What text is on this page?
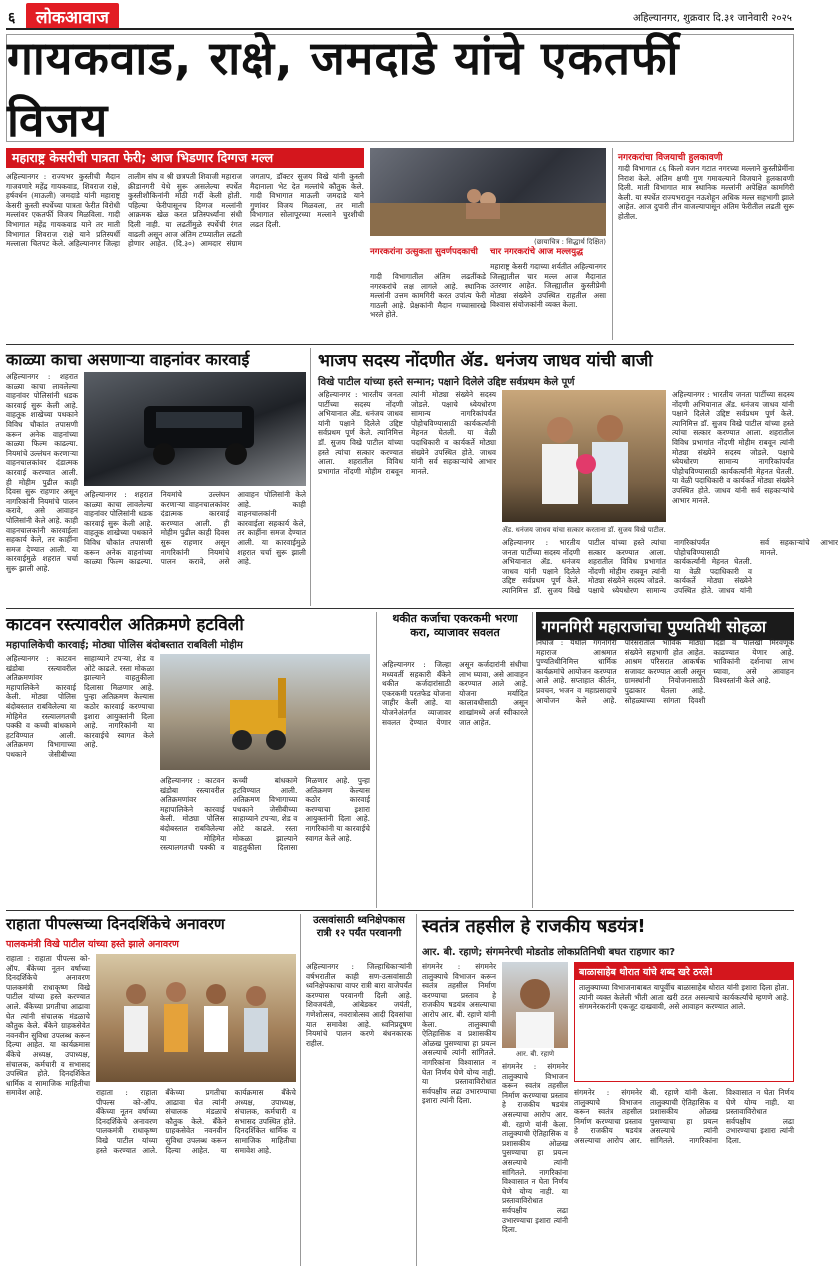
६	लोकआवाज	अहिल्यानगर, शुक्रवार दि.३१ जानेवारी २०२५
गायकवाड, राक्षे, जमदाडे यांचे एकतर्फी विजय
महाराष्ट्र केसरीची पात्रता फेरी; आज भिडणार दिग्गज मल्ल
अहिल्यानगर : राज्यभर कुस्तीची मैदान गाजवणारे महेंद्र गायकवाड, शिवराज राक्षे, हर्षवर्धन (माऊली) जमदाडे यांनी महाराष्ट्र केसरी कुस्ती स्पर्धेच्या पात्रता फेरीत विरोधी मल्लांवर एकतर्फी विजय मिळविला. गादी विभागात महेंद्र गायकवाड याने तर माती विभागात शिवराज राक्षे याने प्रतिस्पर्धी मल्लाला चितपट केले. अहिल्यानगर जिल्हा तालीम संघ व श्री छत्रपती शिवाजी महाराज क्रीडानगरी येथे सुरू असलेल्या स्पर्धेत कुस्तीशौकिनांनी मोठी गर्दी केली होती. पहिल्या फेरीपासूनच दिग्गज मल्लांनी आक्रमक खेळ करत प्रतिस्पर्ध्यांना संधी दिली नाही. या लढतींमुळे स्पर्धेची रंगत वाढली असून आज अंतिम टप्प्यातील लढती होणार आहेत. (दि.३०) आमदार संग्राम जगताप, डॉक्टर सुजय विखे यांनी कुस्ती मैदानाला भेट देत मल्लांचे कौतुक केले. गादी विभागात माऊली जमदाडे याने गुणांवर विजय मिळवला, तर माती विभागात सोलापूरच्या मल्लाने चुरशीची लढत दिली.
(छायाचित्र : सिद्धार्थ दिक्षित)
नगरकरांना उत्सुकता सुवर्णपदकाची
गादी विभागातील अंतिम लढतींकडे नगरकरांचे लक्ष लागले आहे. स्थानिक मल्लांनी उत्तम कामगिरी करत उपांत्य फेरी गाठली आहे. प्रेक्षकांनी मैदान गच्चासारखे भरले होते.
चार नगरकरांचे आज मल्लयुद्ध
महाराष्ट्र केसरी गदाच्या शर्यतीत अहिल्यानगर जिल्ह्यातील चार मल्ल आज मैदानात उतरणार आहेत. जिल्ह्यातील कुस्तीप्रेमी मोठ्या संख्येने उपस्थित राहतील असा विश्वास संयोजकांनी व्यक्त केला.
नगरकरांचा विजयाची हुलकावणी
गादी विभागात ८६ किलो वजन गटात नगरच्या मल्लाने कुस्तीप्रेमींना निराश केले. अंतिम क्षणी गुण गमावल्याने विजयाने हुलकावणी दिली. माती विभागात मात्र स्थानिक मल्लांनी अपेक्षित कामगिरी केली. या स्पर्धेत राज्यभरातून नऊशेहून अधिक मल्ल सहभागी झाले आहेत. आज दुपारी तीन वाजल्यापासून अंतिम फेरीतील लढती सुरू होतील.
काळ्या काचा असणाऱ्या वाहनांवर कारवाई
अहिल्यानगर : शहरात काळ्या काचा लावलेल्या वाहनांवर पोलिसांनी धडक कारवाई सुरू केली आहे. वाहतूक शाखेच्या पथकाने विविध चौकांत तपासणी करून अनेक वाहनांच्या काळ्या फिल्म काढल्या. नियमांचे उल्लंघन करणाऱ्या वाहनचालकांवर दंडात्मक कारवाई करण्यात आली. ही मोहीम पुढील काही दिवस सुरू राहणार असून नागरिकांनी नियमांचे पालन करावे, असे आवाहन पोलिसांनी केले आहे. काही वाहनचालकांनी कारवाईला सहकार्य केले, तर काहींना समज देण्यात आली. या कारवाईमुळे शहरात चर्चा सुरू झाली आहे.
अहिल्यानगर : शहरात काळ्या काचा लावलेल्या वाहनांवर पोलिसांनी धडक कारवाई सुरू केली आहे. वाहतूक शाखेच्या पथकाने विविध चौकांत तपासणी करून अनेक वाहनांच्या काळ्या फिल्म काढल्या. नियमांचे उल्लंघन करणाऱ्या वाहनचालकांवर दंडात्मक कारवाई करण्यात आली. ही मोहीम पुढील काही दिवस सुरू राहणार असून नागरिकांनी नियमांचे पालन करावे, असे आवाहन पोलिसांनी केले आहे. काही वाहनचालकांनी कारवाईला सहकार्य केले, तर काहींना समज देण्यात आली. या कारवाईमुळे शहरात चर्चा सुरू झाली आहे.
भाजप सदस्य नोंदणीत ॲड. धनंजय जाधव यांची बाजी
विखे पाटील यांच्या हस्ते सन्मान; पक्षाने दिलेले उद्दिष्ट सर्वप्रथम केले पूर्ण
अहिल्यानगर : भारतीय जनता पार्टीच्या सदस्य नोंदणी अभियानात ॲड. धनंजय जाधव यांनी पक्षाने दिलेले उद्दिष्ट सर्वप्रथम पूर्ण केले. त्यानिमित्त डॉ. सुजय विखे पाटील यांच्या हस्ते त्यांचा सत्कार करण्यात आला. शहरातील विविध प्रभागांत नोंदणी मोहीम राबवून त्यांनी मोठ्या संख्येने सदस्य जोडले. पक्षाचे ध्येयधोरण सामान्य नागरिकांपर्यंत पोहोचविण्यासाठी कार्यकर्त्यांनी मेहनत घेतली. या वेळी पदाधिकारी व कार्यकर्ते मोठ्या संख्येने उपस्थित होते. जाधव यांनी सर्व सहकाऱ्यांचे आभार मानले.
ॲड. धनंजय जाधव यांचा सत्कार करताना डॉ. सुजय विखे पाटील.
अहिल्यानगर : भारतीय जनता पार्टीच्या सदस्य नोंदणी अभियानात ॲड. धनंजय जाधव यांनी पक्षाने दिलेले उद्दिष्ट सर्वप्रथम पूर्ण केले. त्यानिमित्त डॉ. सुजय विखे पाटील यांच्या हस्ते त्यांचा सत्कार करण्यात आला. शहरातील विविध प्रभागांत नोंदणी मोहीम राबवून त्यांनी मोठ्या संख्येने सदस्य जोडले. पक्षाचे ध्येयधोरण सामान्य नागरिकांपर्यंत पोहोचविण्यासाठी कार्यकर्त्यांनी मेहनत घेतली. या वेळी पदाधिकारी व कार्यकर्ते मोठ्या संख्येने उपस्थित होते. जाधव यांनी सर्व सहकाऱ्यांचे आभार मानले.
अहिल्यानगर : भारतीय जनता पार्टीच्या सदस्य नोंदणी अभियानात ॲड. धनंजय जाधव यांनी पक्षाने दिलेले उद्दिष्ट सर्वप्रथम पूर्ण केले. त्यानिमित्त डॉ. सुजय विखे पाटील यांच्या हस्ते त्यांचा सत्कार करण्यात आला. शहरातील विविध प्रभागांत नोंदणी मोहीम राबवून त्यांनी मोठ्या संख्येने सदस्य जोडले. पक्षाचे ध्येयधोरण सामान्य नागरिकांपर्यंत पोहोचविण्यासाठी कार्यकर्त्यांनी मेहनत घेतली. या वेळी पदाधिकारी व कार्यकर्ते मोठ्या संख्येने उपस्थित होते. जाधव यांनी सर्व सहकाऱ्यांचे आभार मानले.
काटवन रस्त्यावरील अतिक्रमणे हटविली
महापालिकेची कारवाई; मोठ्या पोलिस बंदोबस्तात राबविली मोहीम
अहिल्यानगर : काटवन खंडोबा रस्त्यावरील अतिक्रमणांवर महापालिकेने कारवाई केली. मोठ्या पोलिस बंदोबस्तात राबविलेल्या या मोहिमेत रस्त्यालगतची पक्की व कच्ची बांधकामे हटविण्यात आली. अतिक्रमण विभागाच्या पथकाने जेसीबीच्या साहाय्याने टपऱ्या, शेड व ओटे काढले. रस्ता मोकळा झाल्याने वाहतुकीला दिलासा मिळणार आहे. पुन्हा अतिक्रमण केल्यास कठोर कारवाई करण्याचा इशारा आयुक्तांनी दिला आहे. नागरिकांनी या कारवाईचे स्वागत केले आहे.
अहिल्यानगर : काटवन खंडोबा रस्त्यावरील अतिक्रमणांवर महापालिकेने कारवाई केली. मोठ्या पोलिस बंदोबस्तात राबविलेल्या या मोहिमेत रस्त्यालगतची पक्की व कच्ची बांधकामे हटविण्यात आली. अतिक्रमण विभागाच्या पथकाने जेसीबीच्या साहाय्याने टपऱ्या, शेड व ओटे काढले. रस्ता मोकळा झाल्याने वाहतुकीला दिलासा मिळणार आहे. पुन्हा अतिक्रमण केल्यास कठोर कारवाई करण्याचा इशारा आयुक्तांनी दिला आहे. नागरिकांनी या कारवाईचे स्वागत केले आहे.
थकीत कर्जाचा एकरकमी भरणा करा, व्याजावर सवलत
अहिल्यानगर : जिल्हा मध्यवर्ती सहकारी बँकेने थकीत कर्जदारांसाठी एकरकमी परतफेड योजना जाहीर केली आहे. या योजनेअंतर्गत व्याजावर सवलत देण्यात येणार असून कर्जदारांनी संधीचा लाभ घ्यावा, असे आवाहन करण्यात आले आहे. योजना मर्यादित कालावधीसाठी असून शाखांमध्ये अर्ज स्वीकारले जात आहेत.
गगनगिरी महाराजांचा पुण्यतिथी सोहळा
निघोज : येथील गगनगिरी महाराज आश्रमात पुण्यतिथीनिमित्त धार्मिक कार्यक्रमांचे आयोजन करण्यात आले आहे. सप्ताहात कीर्तन, प्रवचन, भजन व महाप्रसादाचे आयोजन केले आहे. परिसरातील भाविक मोठ्या संख्येने सहभागी होत आहेत. आश्रम परिसरात आकर्षक सजावट करण्यात आली असून ग्रामस्थांनी नियोजनासाठी पुढाकार घेतला आहे. सोहळ्याच्या सांगता दिवशी दिंडी व पालखी मिरवणूक काढण्यात येणार आहे. भाविकांनी दर्शनाचा लाभ घ्यावा, असे आवाहन विश्वस्तांनी केले आहे.
राहाता पीपल्सच्या दिनदर्शिकेचे अनावरण
पालकमंत्री विखे पाटील यांच्या हस्ते झाले अनावरण
राहाता : राहाता पीपल्स को-ऑप. बँकेच्या नूतन वर्षाच्या दिनदर्शिकेचे अनावरण पालकमंत्री राधाकृष्ण विखे पाटील यांच्या हस्ते करण्यात आले. बँकेच्या प्रगतीचा आढावा घेत त्यांनी संचालक मंडळाचे कौतुक केले. बँकेने ग्राहकसेवेत नवनवीन सुविधा उपलब्ध करून दिल्या आहेत. या कार्यक्रमास बँकेचे अध्यक्ष, उपाध्यक्ष, संचालक, कर्मचारी व सभासद उपस्थित होते. दिनदर्शिकेत धार्मिक व सामाजिक माहितीचा समावेश आहे.	राहाता : राहाता पीपल्स को-ऑप. बँकेच्या नूतन वर्षाच्या दिनदर्शिकेचे अनावरण पालकमंत्री राधाकृष्ण विखे पाटील यांच्या हस्ते करण्यात आले. बँकेच्या प्रगतीचा आढावा घेत त्यांनी संचालक मंडळाचे कौतुक केले. बँकेने ग्राहकसेवेत नवनवीन सुविधा उपलब्ध करून दिल्या आहेत. या कार्यक्रमास बँकेचे अध्यक्ष, उपाध्यक्ष, संचालक, कर्मचारी व सभासद उपस्थित होते. दिनदर्शिकेत धार्मिक व सामाजिक माहितीचा समावेश आहे.
उत्सवांसाठी ध्वनिक्षेपकास रात्री १२ पर्यंत परवानगी
अहिल्यानगर : जिल्हाधिकाऱ्यांनी वर्षभरातील काही सण-उत्सवांसाठी ध्वनिक्षेपकाचा वापर रात्री बारा वाजेपर्यंत करण्यास परवानगी दिली आहे. शिवजयंती, आंबेडकर जयंती, गणेशोत्सव, नवरात्रोत्सव आदी दिवसांचा यात समावेश आहे. ध्वनिप्रदूषण नियमांचे पालन करणे बंधनकारक राहील.
स्वतंत्र तहसील हे राजकीय षडयंत्र!
आर. बी. रहाणे; संगमनेरची मोडतोड लोकप्रतिनिधी बघत राहणार का?
संगमनेर : संगमनेर तालुक्याचे विभाजन करून स्वतंत्र तहसील निर्माण करण्याचा प्रस्ताव हे राजकीय षडयंत्र असल्याचा आरोप आर. बी. रहाणे यांनी केला. तालुक्याची ऐतिहासिक व प्रशासकीय ओळख पुसण्याचा हा प्रयत्न असल्याचे त्यांनी सांगितले. नागरिकांना विश्वासात न घेता निर्णय घेणे योग्य नाही. या प्रस्तावाविरोधात सर्वपक्षीय लढा उभारण्याचा इशारा त्यांनी दिला.
आर. बी. रहाणे
संगमनेर : संगमनेर तालुक्याचे विभाजन करून स्वतंत्र तहसील निर्माण करण्याचा प्रस्ताव हे राजकीय षडयंत्र असल्याचा आरोप आर. बी. रहाणे यांनी केला. तालुक्याची ऐतिहासिक व प्रशासकीय ओळख पुसण्याचा हा प्रयत्न असल्याचे त्यांनी सांगितले. नागरिकांना विश्वासात न घेता निर्णय घेणे योग्य नाही. या प्रस्तावाविरोधात सर्वपक्षीय लढा उभारण्याचा इशारा त्यांनी दिला.
बाळासाहेब थोरात यांचे शब्द खरे ठरले!
तालुक्याच्या विभाजनाबाबत यापूर्वीच बाळासाहेब थोरात यांनी इशारा दिला होता. त्यांनी व्यक्त केलेली भीती आता खरी ठरत असल्याचे कार्यकर्त्यांचे म्हणणे आहे. संगमनेरकरांनी एकजूट दाखवावी, असे आवाहन करण्यात आले.
संगमनेर : संगमनेर तालुक्याचे विभाजन करून स्वतंत्र तहसील निर्माण करण्याचा प्रस्ताव हे राजकीय षडयंत्र असल्याचा आरोप आर. बी. रहाणे यांनी केला. तालुक्याची ऐतिहासिक व प्रशासकीय ओळख पुसण्याचा हा प्रयत्न असल्याचे त्यांनी सांगितले. नागरिकांना विश्वासात न घेता निर्णय घेणे योग्य नाही. या प्रस्तावाविरोधात सर्वपक्षीय लढा उभारण्याचा इशारा त्यांनी दिला.
